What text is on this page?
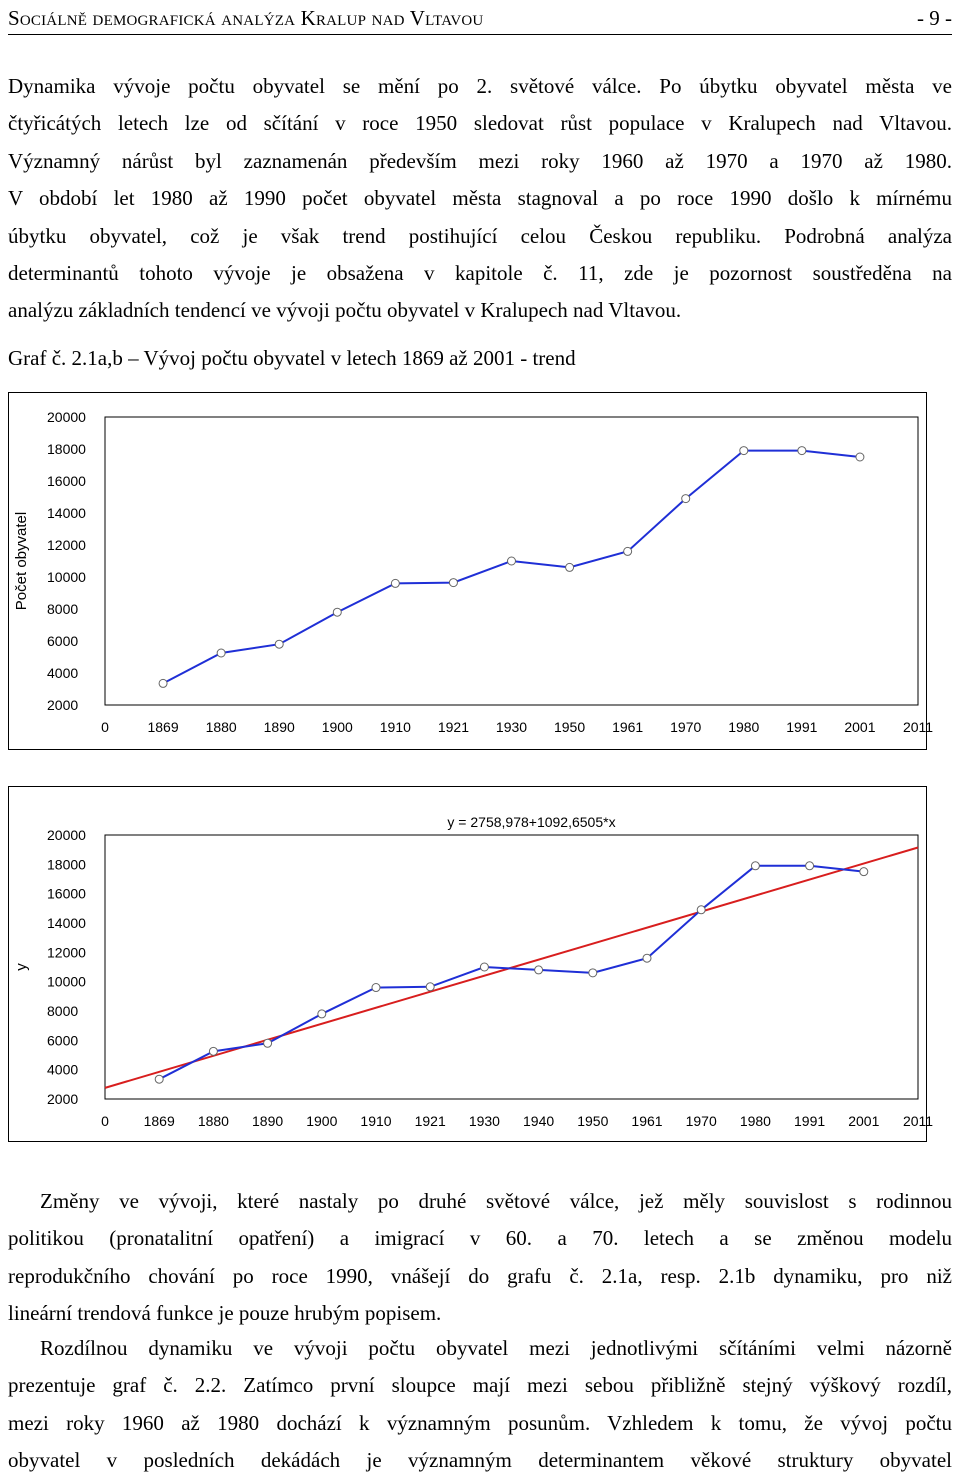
Sociálně demografická analýza Kralup nad Vltavou	- 9 -
Dynamika vývoje počtu obyvatel se mění po 2. světové válce. Po úbytku obyvatel města ve
čtyřicátých letech lze od sčítání v roce 1950 sledovat růst populace v Kralupech nad Vltavou.
Významný nárůst byl zaznamenán především mezi roky 1960 až 1970 a 1970 až 1980.
V období let 1980 až 1990 počet obyvatel města stagnoval a po roce 1990 došlo k mírnému
úbytku obyvatel, což je však trend postihující celou Českou republiku. Podrobná analýza
determinantů tohoto vývoje je obsažena v kapitole č. 11, zde je pozornost soustředěna na
analýzu základních tendencí ve vývoji počtu obyvatel v Kralupech nad Vltavou.
Graf č. 2.1a,b – Vývoj počtu obyvatel v letech 1869 až 2001 - trend
2000
4000
6000
8000
10000
12000
14000
16000
18000
20000
0	1869 1880 1890 1900 1910 1921 1930 1950 1961 1970 1980 1991 2001 2011
Počet obyvatel
2000
4000
6000
8000
10000
12000
14000
16000
18000
20000
0 1869 1880 1890 1900 1910 1921 1930 1940 1950 1961 1970 1980 1991 2001 2011
y
y = 2758,978+1092,6505*x
Změny ve vývoji, které nastaly po druhé světové válce, jež měly souvislost s rodinnou
politikou (pronatalitní opatření) a imigrací v 60. a 70. letech a se změnou modelu
reprodukčního chování po roce 1990, vnášejí do grafu č. 2.1a, resp. 2.1b dynamiku, pro niž
lineární trendová funkce je pouze hrubým popisem.
Rozdílnou dynamiku ve vývoji počtu obyvatel mezi jednotlivými sčítáními velmi názorně
prezentuje graf č. 2.2. Zatímco první sloupce mají mezi sebou přibližně stejný výškový rozdíl,
mezi roky 1960 až 1980 dochází k významným posunům. Vzhledem k tomu, že vývoj počtu
obyvatel v posledních dekádách je významným determinantem věkové struktury obyvatel
